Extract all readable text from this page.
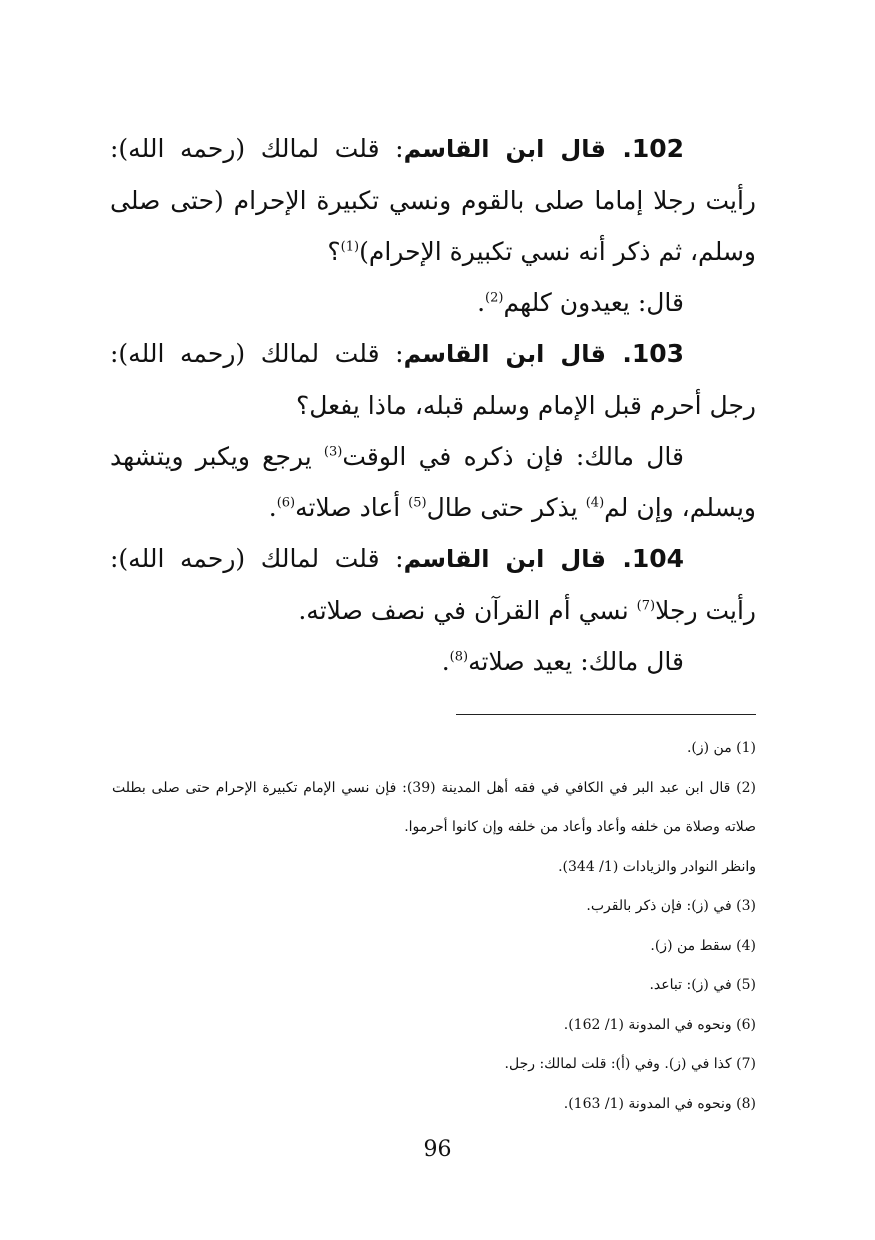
102. قال ابن القاسم: قلت لمالك (رحمه الله): رأيت رجلا إماما صلى بالقوم ونسي تكبيرة الإحرام (حتى صلى وسلم، ثم ذكر أنه نسي تكبيرة الإحرام)$^{(1)}$؟

قال: يعيدون كلهم$^{(2)}$.

103. قال ابن القاسم: قلت لمالك (رحمه الله): رجل أحرم قبل الإمام وسلم قبله، ماذا يفعل؟

قال مالك: فإن ذكره في الوقت$^{(3)}$ يرجع ويكبر ويتشهد ويسلم، وإن لم$^{(4)}$ يذكر حتى طال$^{(5)}$ أعاد صلاته$^{(6)}$.

104. قال ابن القاسم: قلت لمالك (رحمه الله): رأيت رجلا$^{(7)}$ نسي أم القرآن في نصف صلاته.

قال مالك: يعيد صلاته$^{(8)}$.

(1) من (ز).

(2) قال ابن عبد البر في الكافي في فقه أهل المدينة (39): فإن نسي الإمام تكبيرة الإحرام حتى صلى بطلت صلاته وصلاة من خلفه وأعاد وأعاد من خلفه وإن كانوا أحرموا.

وانظر النوادر والزيادات (1/ 344).

(3) في (ز): فإن ذكر بالقرب.

(4) سقط من (ز).

(5) في (ز): تباعد.

(6) ونحوه في المدونة (1/ 162).

(7) كذا في (ز). وفي (أ): قلت لمالك: رجل.

(8) ونحوه في المدونة (1/ 163).

96
